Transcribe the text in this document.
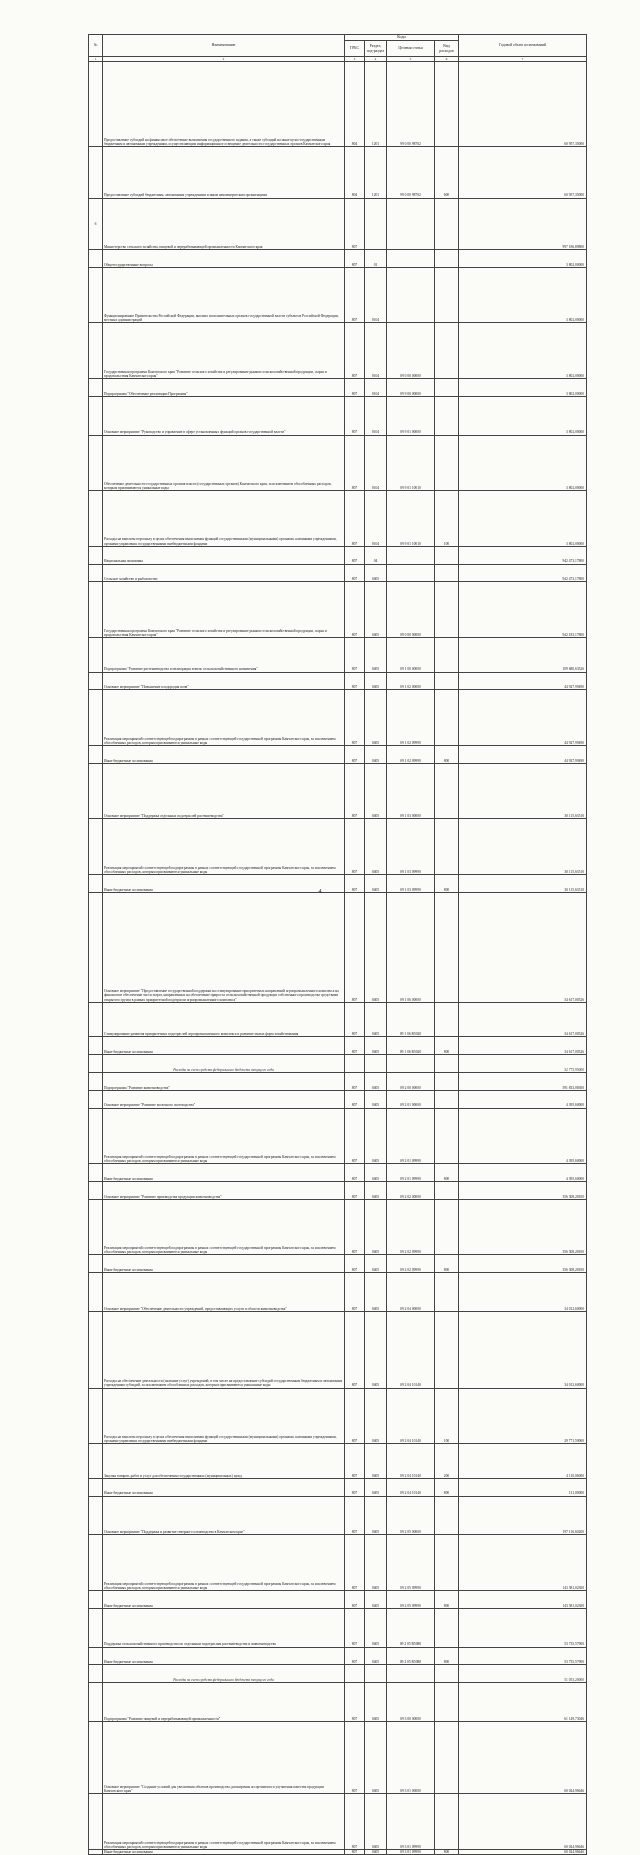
№	Наименование	Коды				Годовой объем ассигнований
		ГРБС	Раздел, под-раздел	Целевая статья	Вид расходов	
1	2	3	4	5	6	7
	Предоставление субсидий на финансовое обеспечение выполнения государственного задания, а также субсидий на иные цели государственным бюджетным и автономным учреждениям, осуществляющим информационное освещение деятельности государственных органов Камчатского края	804	1201	99 0 00 98702		60 957,35000
	Предоставление субсидий бюджетным, автономным учреждениям и иным некоммерческим организациям	804	1201	99 0 00 98702	600	60 957,35000
6	Министерство сельского хозяйства, пищевой и перерабатывающей промышленности Камчатского края	807				997 186,89800
	Общегосударственные вопросы	807	01			3 802,00000
	Функционирование Правительства Российской Федерации, высших исполнительных органов государственной власти субъектов Российской Федерации, местных администраций	807	0104			3 802,00000
	Государственная программа Камчатского края "Развитие сельского хозяйства и регулирование рынков сельскохозяйственной продукции, сырья и продовольствия Камчатского края"	807	0104	09 0 00 00000		3 802,00000
	Подпрограмма "Обеспечение реализации Программы"	807	0104	09 9 00 00000		3 802,00000
	Основное мероприятие "Руководство и управление в сфере установленных функций органов государственной власти"	807	0104	09 9 01 00000		3 802,00000
	Обеспечение деятельности государственных органов власти (государственных органов) Камчатского края, за исключением обособленных расходов, которым присваиваются уникальные коды	807	0104	09 9 01 10010		3 802,00000
	Расходы на выплаты персоналу в целях обеспечения выполнения функций государственными (муниципальными) органами, казенными учреждениями, органами управления государственными внебюджетными фондами	807	0104	09 9 01 10010	100	3 802,00000
	Национальная экономика	807	04			942 473,17800
	Сельское хозяйство и рыболовство	807	0405			942 473,17800
	Государственная программа Камчатского края "Развитие сельского хозяйства и регулирование рынков сельскохозяйственной продукции, сырья и продовольствия Камчатского края"	807	0405	09 0 00 00000		942 183,17800
	Подпрограмма "Развитие растениеводства и мелиорация земель сельскохозяйственного назначения"	807	0405	09 1 00 00000		109 680,63526
	Основное мероприятие "Повышение плодородия почв"	807	0405	09 1 02 00000		44 927,99490
	Реализация мероприятий соответствующей подпрограммы в рамках соответствующей государственной программы Камчатского края, за исключением обособленных расходов, которым присваиваются уникальные коды	807	0405	09 1 02 09990		44 927,99490
	Иные бюджетные ассигнования	807	0405	09 1 02 09990	800	44 927,99490
	Основное мероприятие "Поддержка отдельных подотраслей растениеводства"	807	0405	09 1 03 00000		30 115,63510
	Реализация мероприятий соответствующей подпрограммы в рамках соответствующей государственной программы Камчатского края, за исключением обособленных расходов, которым присваиваются уникальные коды	807	0405	09 1 03 09990		30 115,63510
	Иные бюджетные ассигнования	807	0405	09 1 03 09990	800	30 115,63510
	Основное мероприятие "Предоставление государственной поддержки на стимулирование приоритетных направлений агропромышленного комплекса на финансовое обеспечение части затрат, направленных на обеспечение прироста сельскохозяйственной продукции собственного производства средствами открытого грунта в рамках приоритетной подотрасли агропромышленного комплекса"	807	0405	09 1 06 00000		34 617,00526
	Стимулирование развития приоритетных подотраслей агропромышленного комплекса и развитие малых форм хозяйствования	807	0405	09 1 06 R5020		34 617,00526
	Иные бюджетные ассигнования	807	0405	09 1 06 R5020	800	34 617,00526
	Расходы за счет средств федерального бюджета текущего года					32 775,95000
	Подпрограмма "Развитие животноводства"	807	0405	09 2 00 00000		591 833,08300
	Основное мероприятие "Развитие молочного скотоводства"	807	0405	09 2 01 00000		4 395,60000
	Реализация мероприятий соответствующей подпрограммы в рамках соответствующей государственной программы Камчатского края, за исключением обособленных расходов, которым присваиваются уникальные коды	807	0405	09 2 01 09990		4 395,60000
	Иные бюджетные ассигнования	807	0405	09 2 01 09990	800	4 395,60000
	Основное мероприятие "Развитие производства продукции животноводства"	807	0405	09 2 02 00000		356 308,28100
	Реализация мероприятий соответствующей подпрограммы в рамках соответствующей государственной программы Камчатского края, за исключением обособленных расходов, которым присваиваются уникальные коды	807	0405	09 2 02 09990		356 308,28100
	Иные бюджетные ассигнования	807	0405	09 2 02 09990	800	356 308,28100
	Основное мероприятие "Обеспечение деятельности учреждений, предоставляющих услуги в области животноводства"	807	0405	09 2 04 00000		34 012,60000
	Расходы на обеспечение деятельности (оказание услуг) учреждений, в том числе на предоставление субсидий государственным бюджетным и автономным учреждениям субсидий, за исключением обособленных расходов, которым присваиваются уникальные коды	807	0405	09 2 04 10140		34 012,60000
	Расходы на выплаты персоналу в целях обеспечения выполнения функций государственными (муниципальными) органами, казенными учреждениями, органами управления государственными внебюджетными фондами	807	0405	09 2 04 10140	100	29 771,59000
	Закупка товаров, работ и услуг для обеспечения государственных (муниципальных) нужд	807	0405	09 2 04 10140	200	4 110,06000
	Иные бюджетные ассигнования	807	0405	09 2 04 10140	800	131,00000
	Основное мероприятие "Поддержка и развитие северного оленеводства в Камчатском крае"	807	0405	09 2 05 00000		197 116,60200
	Реализация мероприятий соответствующей подпрограммы в рамках соответствующей государственной программы Камчатского края, за исключением обособленных расходов, которым присваиваются уникальные коды	807	0405	09 2 05 09990		143 381,02300
	Иные бюджетные ассигнования	807	0405	09 2 05 09990	800	143 381,02300
	Поддержка сельскохозяйственного производства по отдельным подотраслям растениеводства и животноводства	807	0405	09 2 05 R5080		53 735,57900
	Иные бюджетные ассигнования	807	0405	09 2 05 R5080	800	53 735,57900
	Расходы за счет средств федерального бюджета текущего года					51 053,20000
	Подпрограмма "Развитие пищевой и перерабатывающей промышленности"	807	0405	09 3 00 00000		61 149,73046
	Основное мероприятие "Создание условий для увеличения объемов производства, расширения ассортимента и улучшения качества продукции Камчатского края"	807	0405	09 3 01 00000		60 024,96646
	Реализация мероприятий соответствующей подпрограммы в рамках соответствующей государственной программы Камчатского края, за исключением обособленных расходов, которым присваиваются уникальные коды	807	0405	09 3 01 09990		60 024,96646
	Иные бюджетные ассигнования	807	0405	09 3 01 09990	800	60 024,96646
4
